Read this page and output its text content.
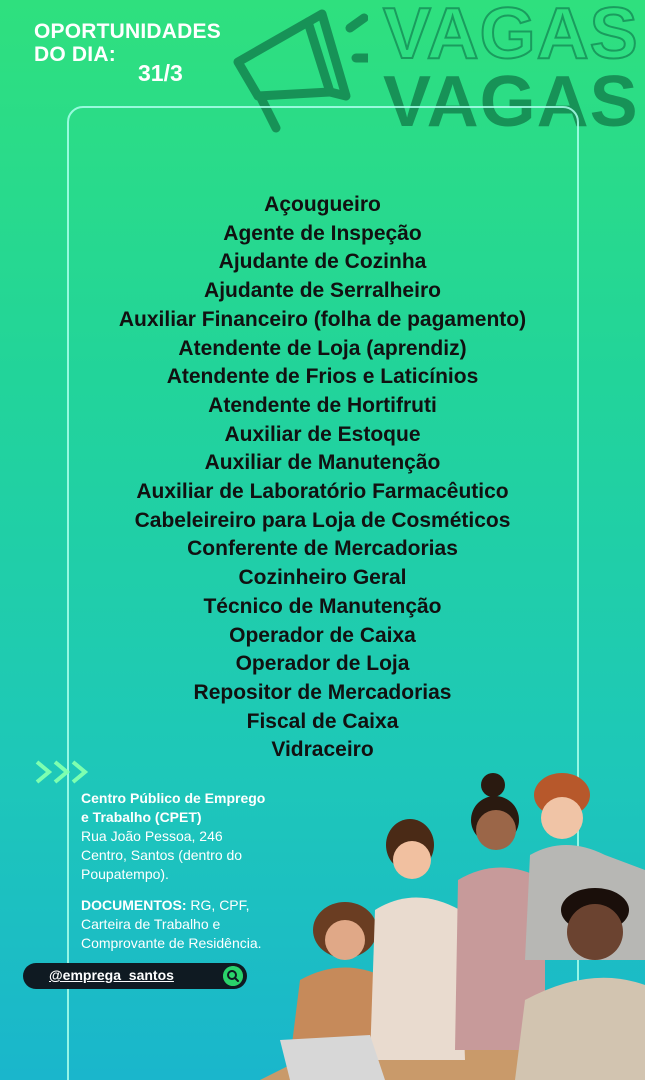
OPORTUNIDADES
DO DIA:
31/3	VAGAS
VAGAS
Açougueiro
Agente de Inspeção
Ajudante de Cozinha
Ajudante de Serralheiro
Auxiliar Financeiro (folha de pagamento)
Atendente de Loja (aprendiz)
Atendente de Frios e Laticínios
Atendente de Hortifruti
Auxiliar de Estoque
Auxiliar de Manutenção
Auxiliar de Laboratório Farmacêutico
Cabeleireiro para Loja de Cosméticos
Conferente de Mercadorias
Cozinheiro Geral
Técnico de Manutenção
Operador de Caixa
Operador de Loja
Repositor de Mercadorias
Fiscal de Caixa
Vidraceiro
Centro Público de Emprego
e Trabalho (CPET)
Rua João Pessoa, 246
Centro, Santos (dentro do
Poupatempo).
DOCUMENTOS: RG, CPF,
Carteira de Trabalho e
Comprovante de Residência.
@emprega_santos
